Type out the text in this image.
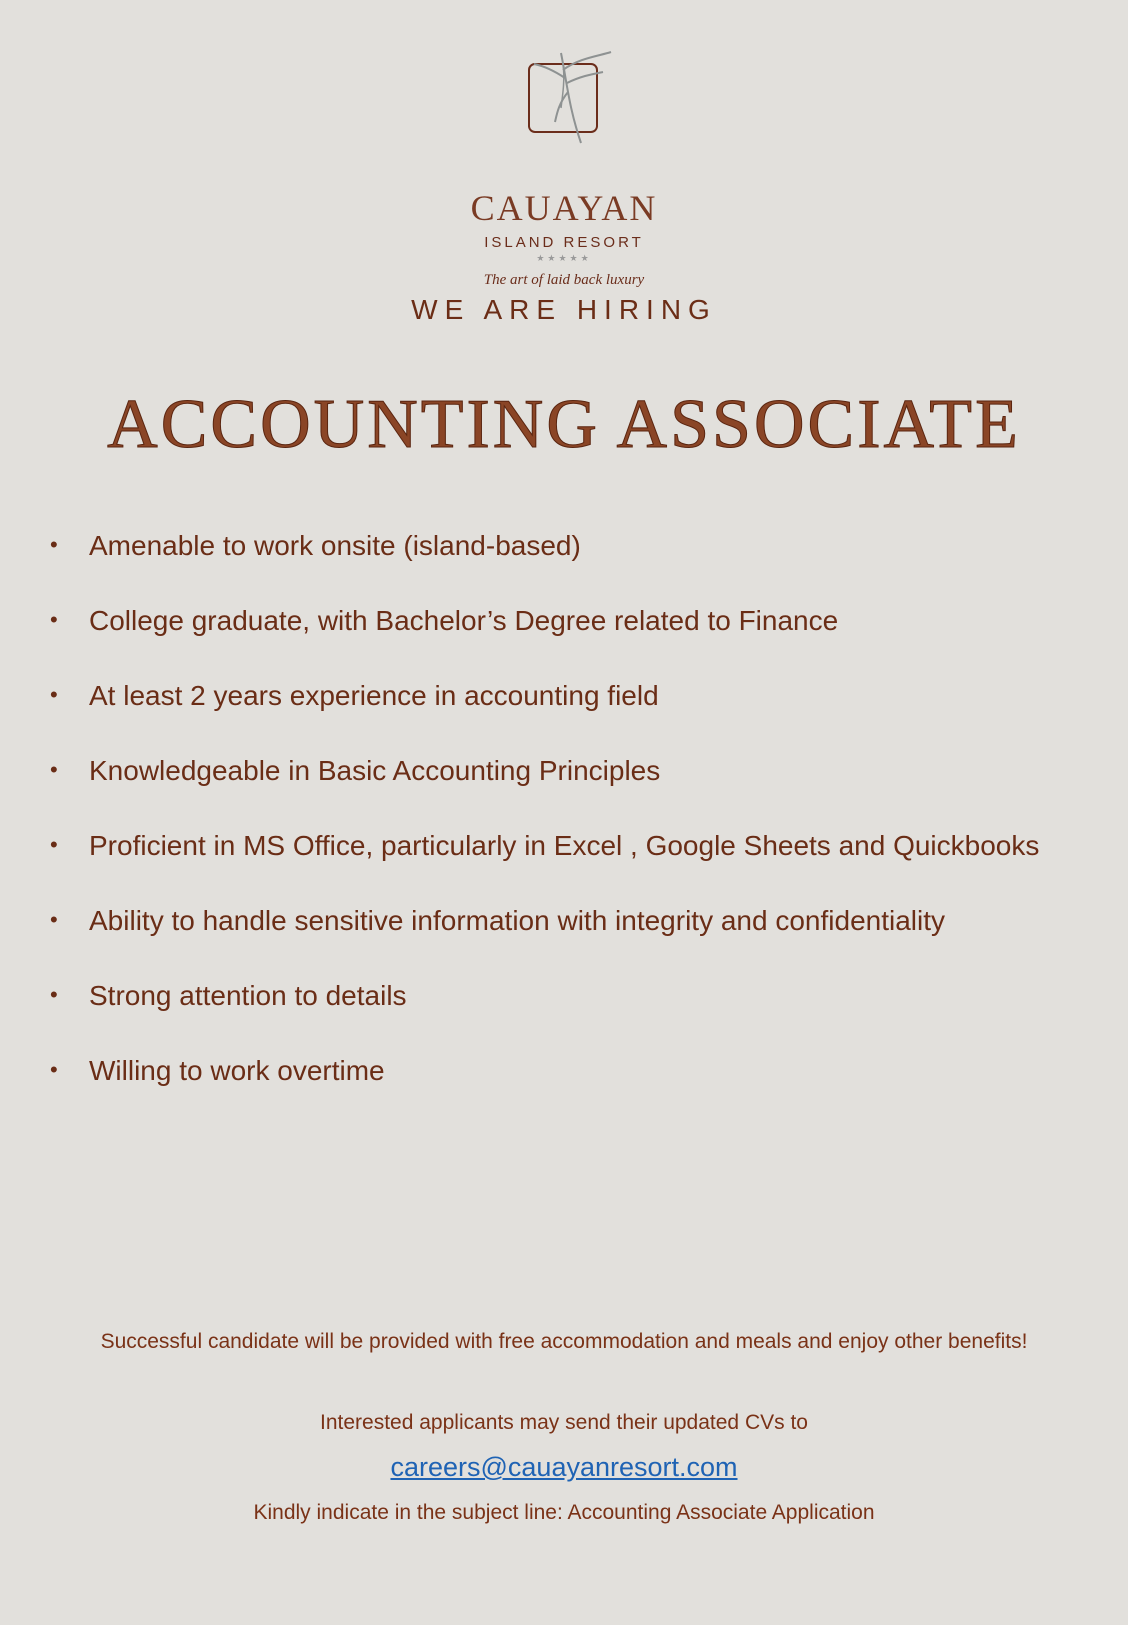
CAUAYAN
ISLAND RESORT
★★★★★
The art of laid back luxury
WE ARE HIRING
ACCOUNTING ASSOCIATE
•	Amenable to work onsite (island-based)
•	College graduate, with Bachelor’s Degree related to Finance
•	At least 2 years experience in accounting field
•	Knowledgeable in Basic Accounting Principles
•	Proficient in MS Office, particularly in Excel , Google Sheets and Quickbooks
•	Ability to handle sensitive information with integrity and confidentiality
•	Strong attention to details
•	Willing to work overtime
Successful candidate will be provided with free accommodation and meals and enjoy other benefits!
Interested applicants may send their updated CVs to
careers@cauayanresort.com
Kindly indicate in the subject line: Accounting Associate Application
